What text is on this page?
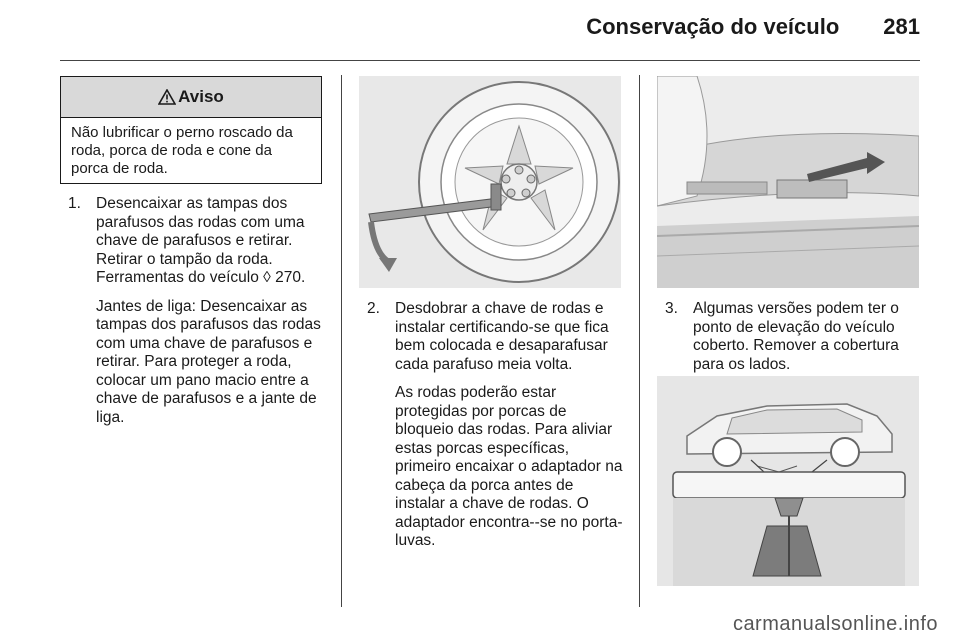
Conservação do veículo 281
Aviso
Não lubrificar o perno roscado da roda, porca de roda e cone da porca de roda.
1. Desencaixar as tampas dos parafusos das rodas com uma chave de parafusos e retirar. Retirar o tampão da roda. Ferramentas do veículo ◊ 270.

Jantes de liga: Desencaixar as tampas dos parafusos das rodas com uma chave de parafusos e retirar. Para proteger a roda, colocar um pano macio entre a chave de parafusos e a jante de liga.

2. Desdobrar a chave de rodas e instalar certificando-se que fica bem colocada e desaparafusar cada parafuso meia volta.

As rodas poderão estar protegidas por porcas de bloqueio das rodas. Para aliviar estas porcas específicas, primeiro encaixar o adaptador na cabeça da porca antes de instalar a chave de rodas. O adaptador encontra--se no porta-luvas.

3. Algumas versões podem ter o ponto de elevação do veículo coberto. Remover a cobertura para os lados.

carmanualsonline.info
